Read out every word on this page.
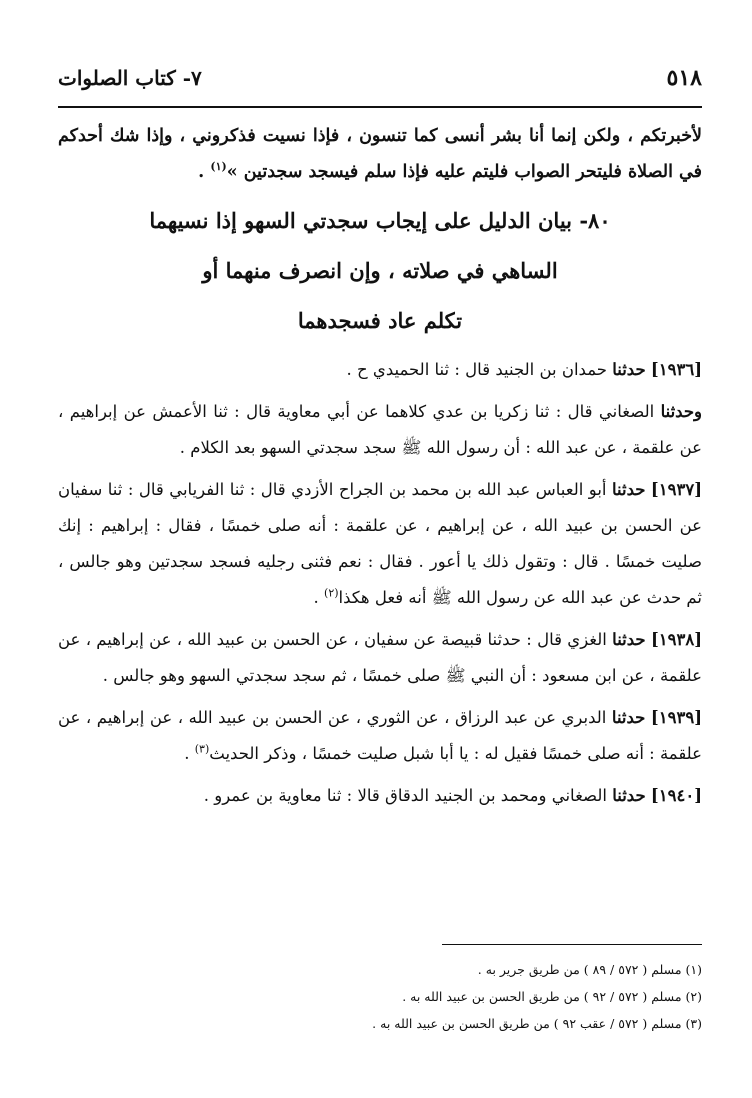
٥١٨
٧- كتاب الصلوات

لأخبرتكم ، ولكن إنما أنا بشر أنسى كما تنسون ، فإذا نسيت فذكروني ، وإذا شك أحدكم في الصلاة فليتحر الصواب فليتم عليه فإذا سلم فيسجد سجدتين »$^{(١)}$ .

٨٠- بيان الدليل على إيجاب سجدتي السهو إذا نسيهما
الساهي في صلاته ، وإن انصرف منهما أو
تكلم عاد فسجدهما

[١٩٣٦] حدثنا حمدان بن الجنيد قال : ثنا الحميدي ح .

وحدثنا الصغاني قال : ثنا زكريا بن عدي كلاهما عن أبي معاوية قال : ثنا الأعمش عن إبراهيم ، عن علقمة ، عن عبد الله : أن رسول الله ﷺ سجد سجدتي السهو بعد الكلام .

[١٩٣٧] حدثنا أبو العباس عبد الله بن محمد بن الجراح الأزدي قال : ثنا الفريابي قال : ثنا سفيان عن الحسن بن عبيد الله ، عن إبراهيم ، عن علقمة : أنه صلى خمسًا ، فقال : إبراهيم : إنك صليت خمسًا . قال : وتقول ذلك يا أعور . فقال : نعم فثنى رجليه فسجد سجدتين وهو جالس ، ثم حدث عن عبد الله عن رسول الله ﷺ أنه فعل هكذا$^{(٢)}$ .

[١٩٣٨] حدثنا الغزي قال : حدثنا قبيصة عن سفيان ، عن الحسن بن عبيد الله ، عن إبراهيم ، عن علقمة ، عن ابن مسعود : أن النبي ﷺ صلى خمسًا ، ثم سجد سجدتي السهو وهو جالس .

[١٩٣٩] حدثنا الدبري عن عبد الرزاق ، عن الثوري ، عن الحسن بن عبيد الله ، عن إبراهيم ، عن علقمة : أنه صلى خمسًا فقيل له : يا أبا شبل صليت خمسًا ، وذكر الحديث$^{(٣)}$ .

[١٩٤٠] حدثنا الصغاني ومحمد بن الجنيد الدقاق قالا : ثنا معاوية بن عمرو .

(١) مسلم ( ٥٧٢ / ٨٩ ) من طريق جرير به .
(٢) مسلم ( ٥٧٢ / ٩٢ ) من طريق الحسن بن عبيد الله به .
(٣) مسلم ( ٥٧٢ / عقب ٩٢ ) من طريق الحسن بن عبيد الله به .
